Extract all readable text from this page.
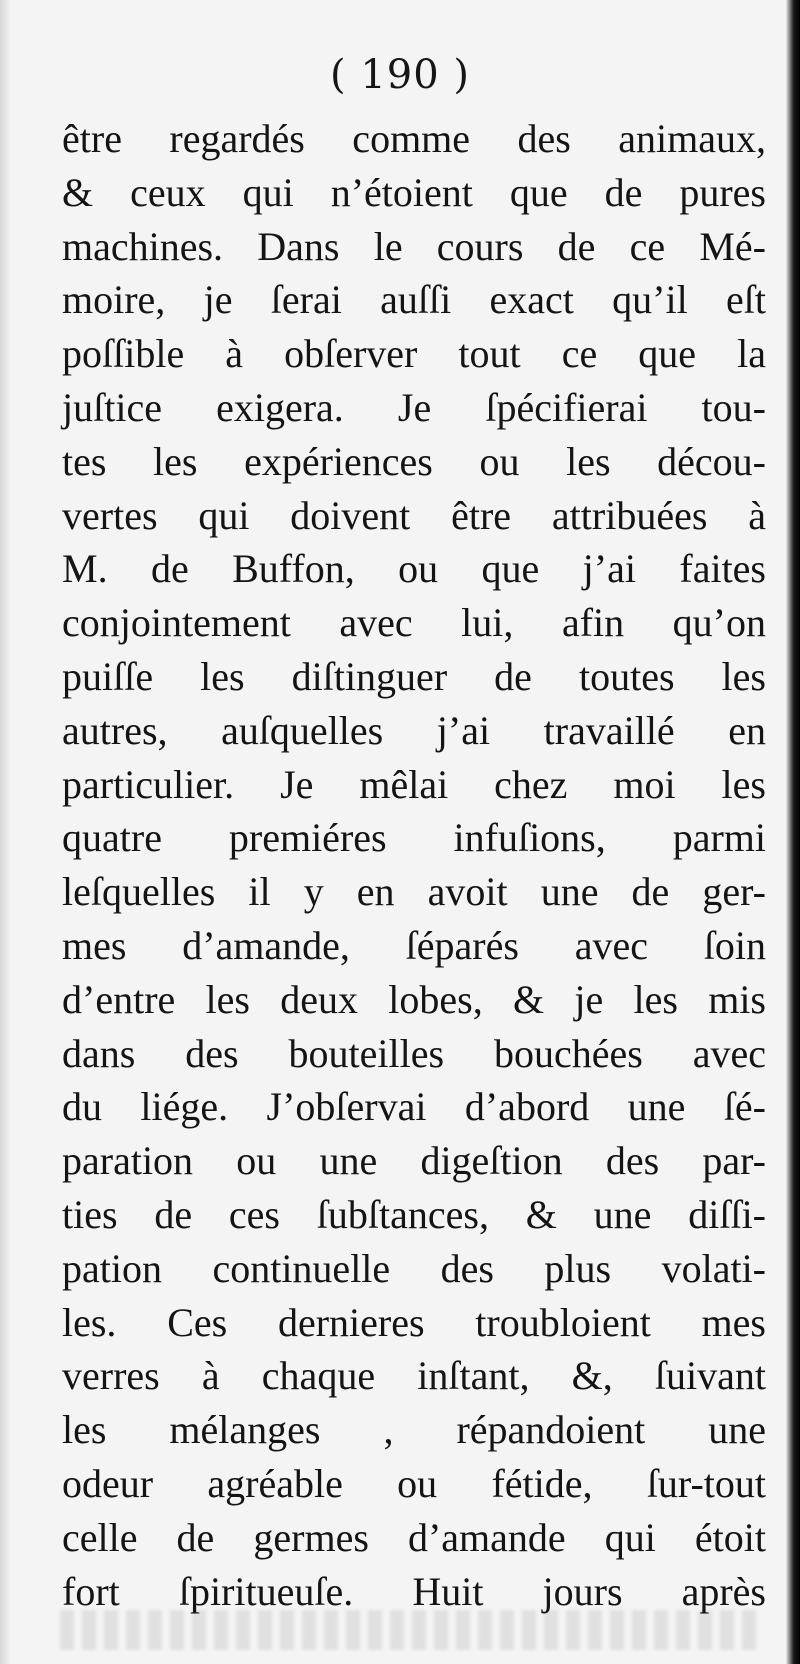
( 190 )
être regardés comme des animaux,
& ceux qui n’étoient que de pures
machines. Dans le cours de ce Mé-
moire, je ſerai auſſi exact qu’il eſt
poſſible à obſerver tout ce que la
juſtice exigera. Je ſpécifierai tou-
tes les expériences ou les décou-
vertes qui doivent être attribuées à
M. de Buffon, ou que j’ai faites
conjointement avec lui, afin qu’on
puiſſe les diſtinguer de toutes les
autres, auſquelles j’ai travaillé en
particulier. Je mêlai chez moi les
quatre premiéres infuſions, parmi
leſquelles il y en avoit une de ger-
mes d’amande, ſéparés avec ſoin
d’entre les deux lobes, & je les mis
dans des bouteilles bouchées avec
du liége. J’obſervai d’abord une ſé-
paration ou une digeſtion des par-
ties de ces ſubſtances, & une diſſi-
pation continuelle des plus volati-
les. Ces dernieres troubloient mes
verres à chaque inſtant, &, ſuivant
les mélanges , répandoient une
odeur agréable ou fétide, ſur-tout
celle de germes d’amande qui étoit
fort ſpiritueuſe. Huit jours après
